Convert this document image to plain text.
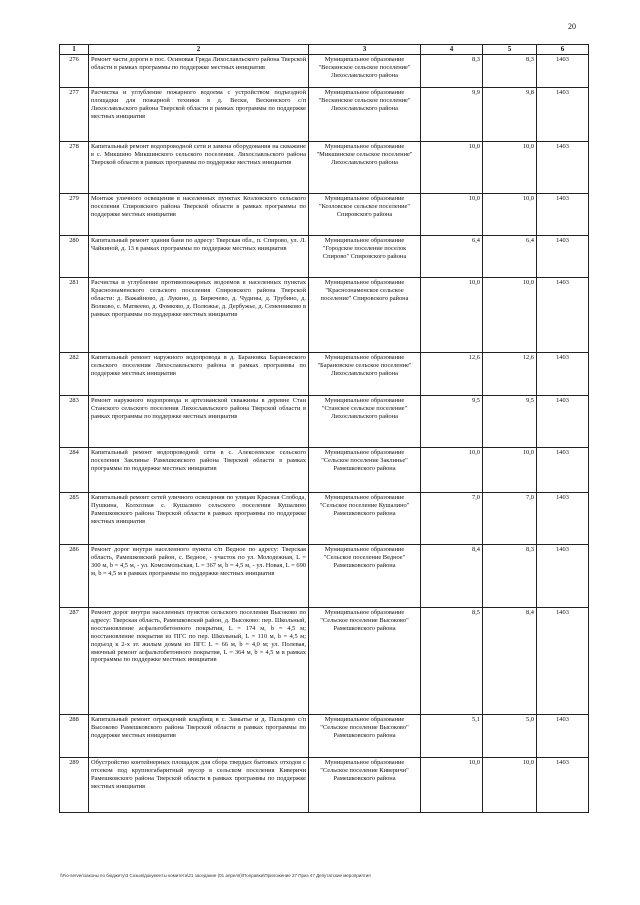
20
1	2	3	4	5	6
276	Ремонт части дороги в пос. Осиновая Гряда Лихославльского района Тверской области в рамках программы по поддержке местных инициатив	Муниципальное образование "Вескинское сельское поселение" Лихославльского района	8,3	8,3	1403
277	Расчистка и углубление пожарного водоема с устройством подъездной площадки для пожарной техники в д. Вески, Вескинского с/п Лихославльского района Тверской области в рамках программы по поддержке местных инициатив	Муниципальное образование "Вескинское сельское поселение" Лихославльского района	9,9	9,8	1403
278	Капитальный ремонт водопроводной сети и замена оборудования на скважине в с. Микшино Микшинского сельского поселения. Лихославльского района Тверской области в рамках программы по поддержке местных инициатив	Муниципальное образование "Микшинское сельское поселение" Лихославльского района	10,0	10,0	1403
279	Монтаж уличного освещения в населенных пунктах Козловского сельского поселения Спировского района Тверской области в рамках программы по поддержке местных инициатив	Муниципальное образование "Козловское сельское поселение" Спировского района	10,0	10,0	1403
280	Капитальный ремонт здания бани по адресу: Тверская обл., п. Спирово, ул. Л. Чайкиной, д. 13 в рамках программы по поддержке местных инициатив	Муниципальное образование "Городское поселение поселок Спирово" Спировского района	6,4	6,4	1403
281	Расчистка и углубление противопожарных водоемов в населенных пунктах Краснознаменского сельского поселения Спировского района Тверской области: д. Важайново, д. Лукино, д. Бирючево, д. Чудины, д. Трубино, д. Волково, с. Матвеево, д. Фомково, д. Полюжье, д. Дербужье, д. Семенниково в рамках программы по поддержке местных инициатив	Муниципальное образование "Краснознаменское сельское поселение" Спировского района	10,0	10,0	1403
282	Капитальный ремонт наружного водопровода в д. Барановка Барановского сельского поселения Лихославльского района в рамках программы по поддержке местных инициатив	Муниципальное образование "Барановское сельское поселение" Лихославльского района	12,6	12,6	1403
283	Ремонт наружного водопровода и артезианской скважины в деревне Стан Станского сельского поселения Лихославльского района Тверской области в рамках программы по поддержке местных инициатив	Муниципальное образование "Станское сельское поселение" Лихославльского района	9,5	9,5	1403
284	Капитальный ремонт водопроводной сети в с. Алексеевское сельского поселения Заклинье Рамешковского района Тверской области в рамках программы по поддержке местных инициатив	Муниципальное образование "Сельское поселение Заклинье" Рамешковского района	10,0	10,0	1403
285	Капитальный ремонт сетей уличного освещения по улицам Красная Слобода, Пушкина, Колхозная с. Кушалино сельского поселения Кушалино Рамешковского района Тверской области в рамках программы по поддержке местных инициатив	Муниципальное образование "Сельское поселение Кушалино" Рамешковского района	7,0	7,0	1403
286	Ремонт дорог внутри населенного пункта с/п Ведное по адресу: Тверская область, Рамешковский район, с. Ведное, - участок по ул. Молодежная, L = 300 м, b = 4,5 м, - ул. Комсомольская, L = 367 м, b = 4,5 м, - ул. Новая, L = 690 м, b = 4,5 м в рамках программы по поддержке местных инициатив	Муниципальное образование "Сельское поселение Ведное" Рамешковского района	8,4	8,3	1403
287	Ремонт дорог внутри населенных пунктов сельского поселения Высоково по адресу: Тверская область, Рамешковский район, д. Высоково: пер. Школьный, восстановление асфальтобетонного покрытия, L = 174 м, b = 4,5 м; восстановление покрытия из ПГС по пер. Школьный, L = 110 м, b = 4,5 м; подъезд к 2-х эт. жилым домам из ПГС L = 66 м, b = 4,0 м; ул. Полевая, ямочный ремонт асфальтобетонного покрытия, L = 364 м, b = 4,5 м в рамках программы по поддержке местных инициатив	Муниципальное образование "Сельское поселение Высоково" Рамешковского района	8,5	8,4	1403
288	Капитальный ремонт ограждений кладбищ в с. Замытье и д. Пальцево с/п Высоково Рамешковского района Тверской области в рамках программы по поддержке местных инициатив	Муниципальное образование "Сельское поселение Высоково" Рамешковского района	5,1	5,0	1403
289	Обустройство контейнерных площадок для сбора твердых бытовых отходов с отсеком под крупногабаритный мусор в сельском поселения Киверичи Рамешковского района Тверской области в рамках программы по поддержке местных инициатив	Муниципальное образование "Сельское поселение Киверичи" Рамешковского района	10,0	10,0	1403
\\Fio-server\законы по бюджету\3 Созыв\документы комитета\21 заседание (01 апреля)\Поправки\Приложение 27 Приз 47 Депутатские мероприятия
